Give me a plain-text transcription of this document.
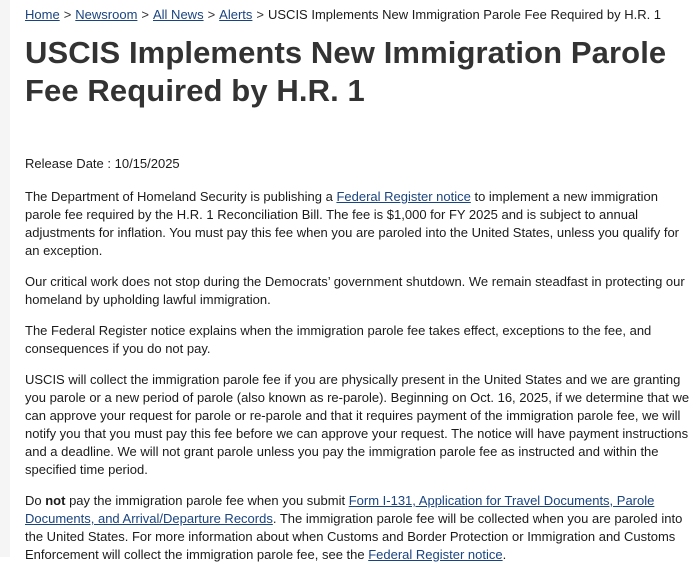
Home > Newsroom > All News > Alerts > USCIS Implements New Immigration Parole Fee Required by H.R. 1
USCIS Implements New Immigration Parole Fee Required by H.R. 1
Release Date : 10/15/2025

The Department of Homeland Security is publishing a Federal Register notice to implement a new immigration parole fee required by the H.R. 1 Reconciliation Bill. The fee is $1,000 for FY 2025 and is subject to annual adjustments for inflation. You must pay this fee when you are paroled into the United States, unless you qualify for an exception.

Our critical work does not stop during the Democrats’ government shutdown. We remain steadfast in protecting our homeland by upholding lawful immigration.

The Federal Register notice explains when the immigration parole fee takes effect, exceptions to the fee, and consequences if you do not pay.

USCIS will collect the immigration parole fee if you are physically present in the United States and we are granting you parole or a new period of parole (also known as re-parole). Beginning on Oct. 16, 2025, if we determine that we can approve your request for parole or re-parole and that it requires payment of the immigration parole fee, we will notify you that you must pay this fee before we can approve your request. The notice will have payment instructions and a deadline. We will not grant parole unless you pay the immigration parole fee as instructed and within the specified time period.

Do not pay the immigration parole fee when you submit Form I-131, Application for Travel Documents, Parole Documents, and Arrival/Departure Records. The immigration parole fee will be collected when you are paroled into the United States. For more information about when Customs and Border Protection or Immigration and Customs Enforcement will collect the immigration parole fee, see the Federal Register notice.
